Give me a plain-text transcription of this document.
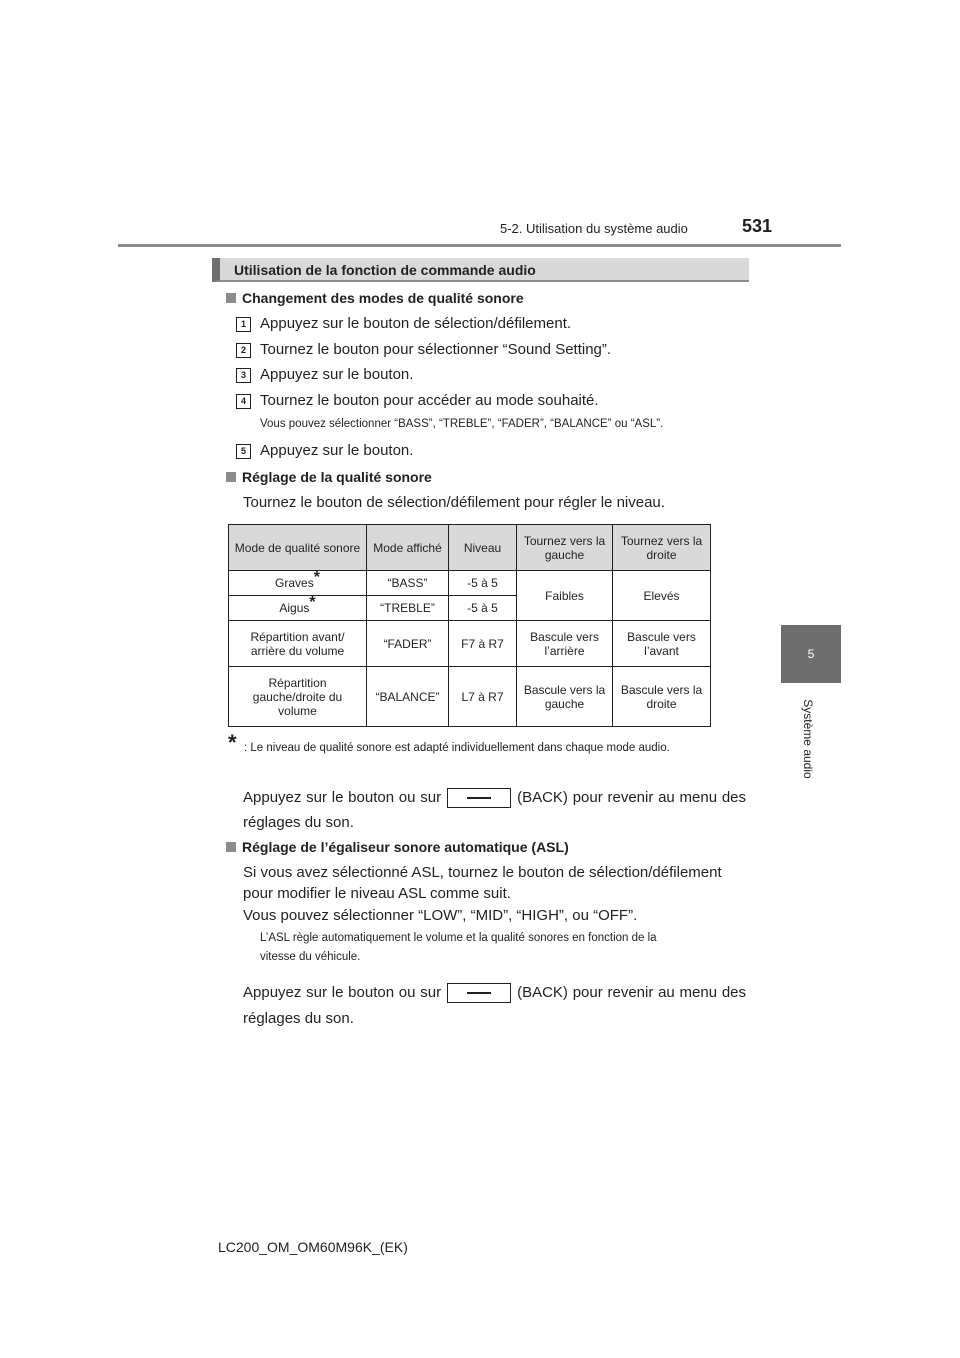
5-2. Utilisation du système audio	531
5
Système audio
Utilisation de la fonction de commande audio
Changement des modes de qualité sonore
1 Appuyez sur le bouton de sélection/défilement.
2 Tournez le bouton pour sélectionner “Sound Setting”.
3 Appuyez sur le bouton.
4 Tournez le bouton pour accéder au mode souhaité.
Vous pouvez sélectionner “BASS”, “TREBLE”, “FADER”, “BALANCE” ou “ASL”.
5 Appuyez sur le bouton.
Réglage de la qualité sonore
Tournez le bouton de sélection/défilement pour régler le niveau.
Mode de qualité sonore	Mode affiché	Niveau	Tournez vers la gauche	Tournez vers la droite
Graves*	“BASS”	-5 à 5	Faibles	Elevés
Aigus*	“TREBLE”	-5 à 5		
Répartition avant/ arrière du volume	“FADER”	F7 à R7	Bascule vers l’arrière	Bascule vers l’avant
Répartition gauche/droite du volume	“BALANCE”	L7 à R7	Bascule vers la gauche	Bascule vers la droite
* : Le niveau de qualité sonore est adapté individuellement dans chaque mode audio.
Appuyez sur le bouton ou sur	(BACK) pour revenir au menu des
réglages du son.
Réglage de l’égaliseur sonore automatique (ASL)
Si vous avez sélectionné ASL, tournez le bouton de sélection/défilement
pour modifier le niveau ASL comme suit.
Vous pouvez sélectionner “LOW”, “MID”, “HIGH”, ou “OFF”.
L’ASL règle automatiquement le volume et la qualité sonores en fonction de la
vitesse du véhicule.
Appuyez sur le bouton ou sur	(BACK) pour revenir au menu des
réglages du son.
LC200_OM_OM60M96K_(EK)
